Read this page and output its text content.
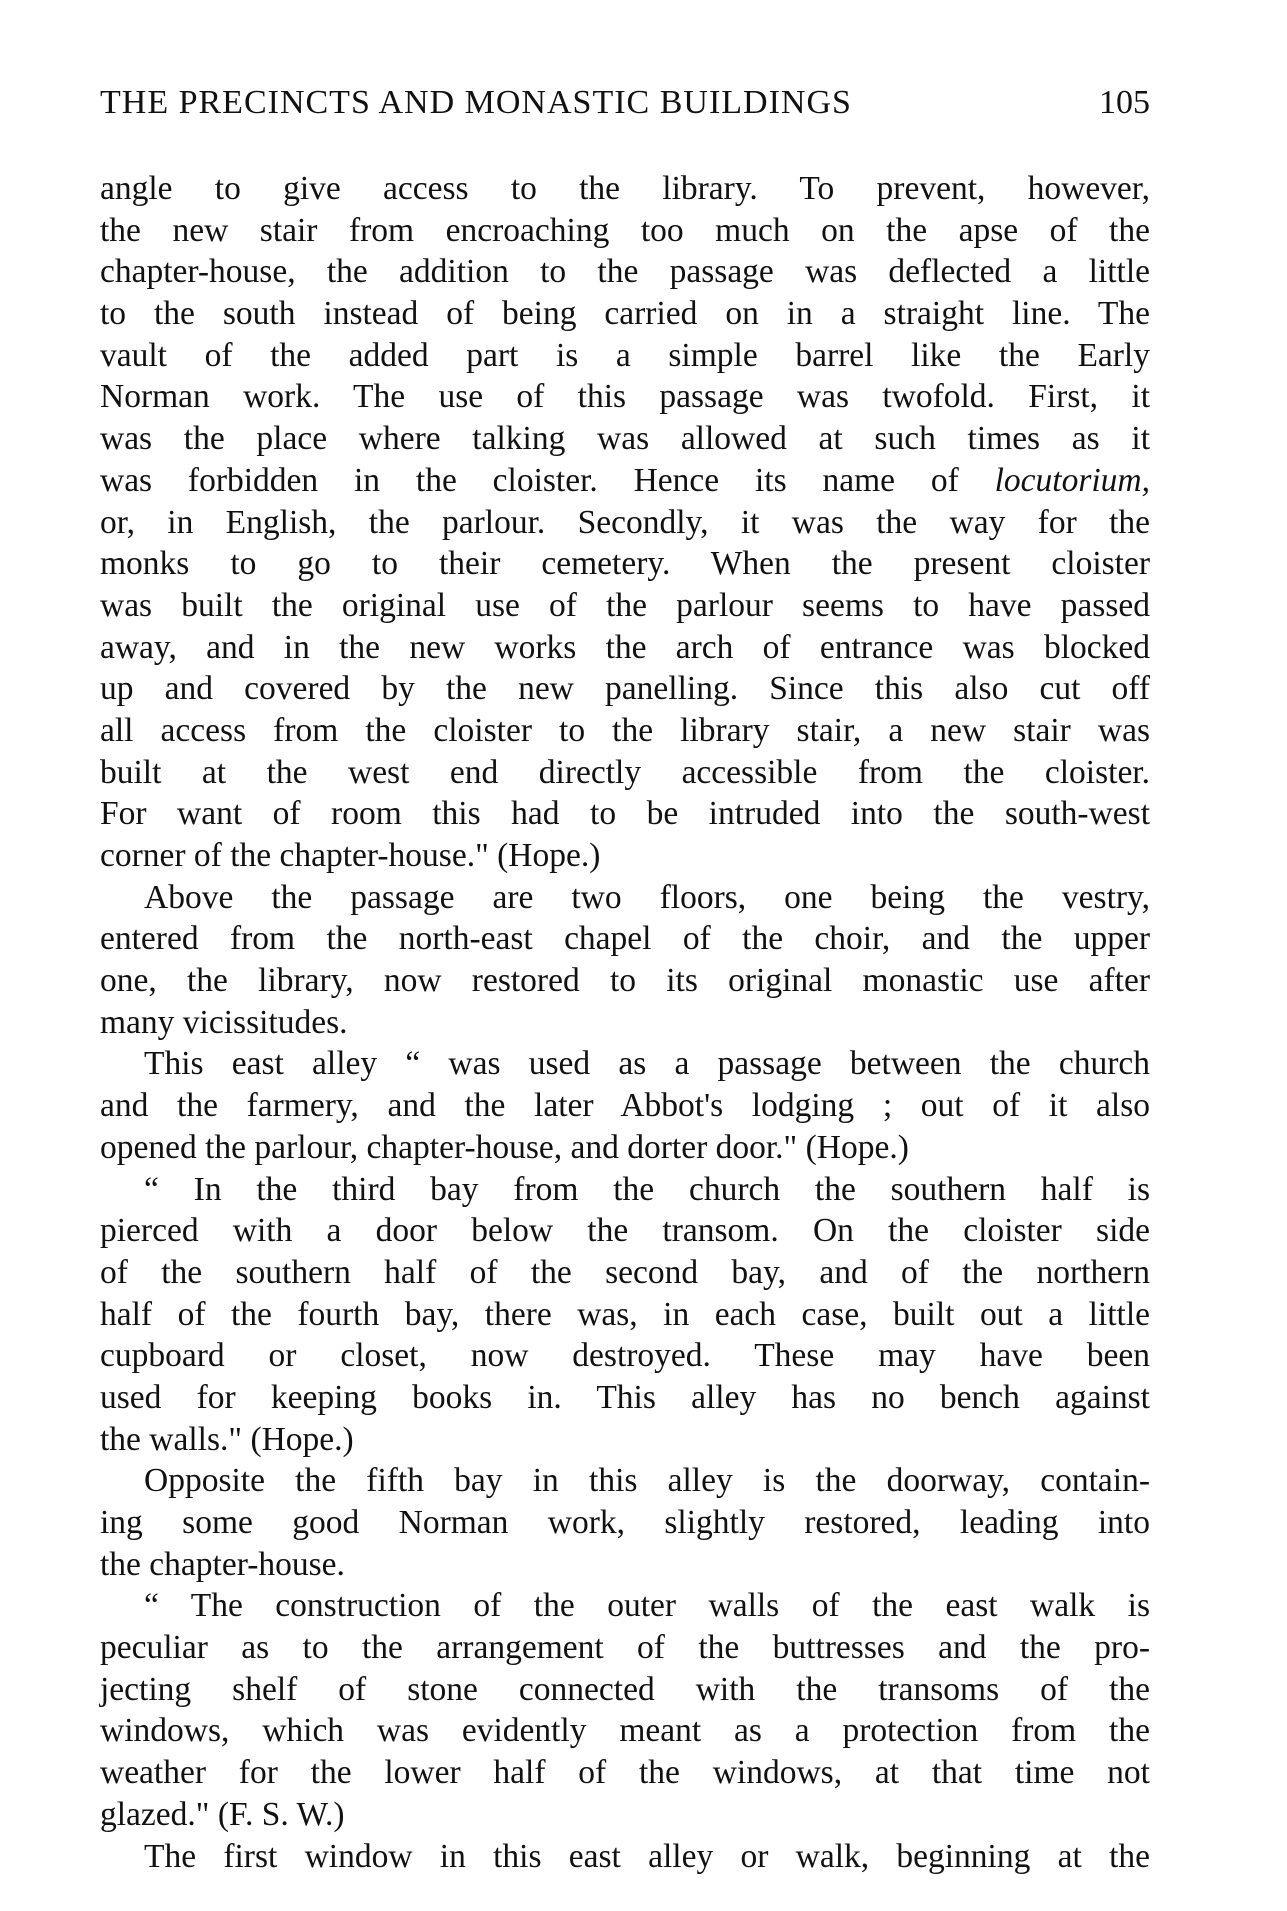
THE PRECINCTS AND MONASTIC BUILDINGS	105
angle to give access to the library. To prevent, however,
the new stair from encroaching too much on the apse of the
chapter-house, the addition to the passage was deflected a little
to the south instead of being carried on in a straight line. The
vault of the added part is a simple barrel like the Early
Norman work. The use of this passage was twofold. First, it
was the place where talking was allowed at such times as it
was forbidden in the cloister. Hence its name of locutorium,
or, in English, the parlour. Secondly, it was the way for the
monks to go to their cemetery. When the present cloister
was built the original use of the parlour seems to have passed
away, and in the new works the arch of entrance was blocked
up and covered by the new panelling. Since this also cut off
all access from the cloister to the library stair, a new stair was
built at the west end directly accessible from the cloister.
For want of room this had to be intruded into the south-west
corner of the chapter-house." (Hope.)
Above the passage are two floors, one being the vestry,
entered from the north-east chapel of the choir, and the upper
one, the library, now restored to its original monastic use after
many vicissitudes.
This east alley “ was used as a passage between the church
and the farmery, and the later Abbot's lodging ; out of it also
opened the parlour, chapter-house, and dorter door." (Hope.)
“ In the third bay from the church the southern half is
pierced with a door below the transom. On the cloister side
of the southern half of the second bay, and of the northern
half of the fourth bay, there was, in each case, built out a little
cupboard or closet, now destroyed. These may have been
used for keeping books in. This alley has no bench against
the walls." (Hope.)
Opposite the fifth bay in this alley is the doorway, contain-
ing some good Norman work, slightly restored, leading into
the chapter-house.
“ The construction of the outer walls of the east walk is
peculiar as to the arrangement of the buttresses and the pro-
jecting shelf of stone connected with the transoms of the
windows, which was evidently meant as a protection from the
weather for the lower half of the windows, at that time not
glazed." (F. S. W.)
The first window in this east alley or walk, beginning at the
